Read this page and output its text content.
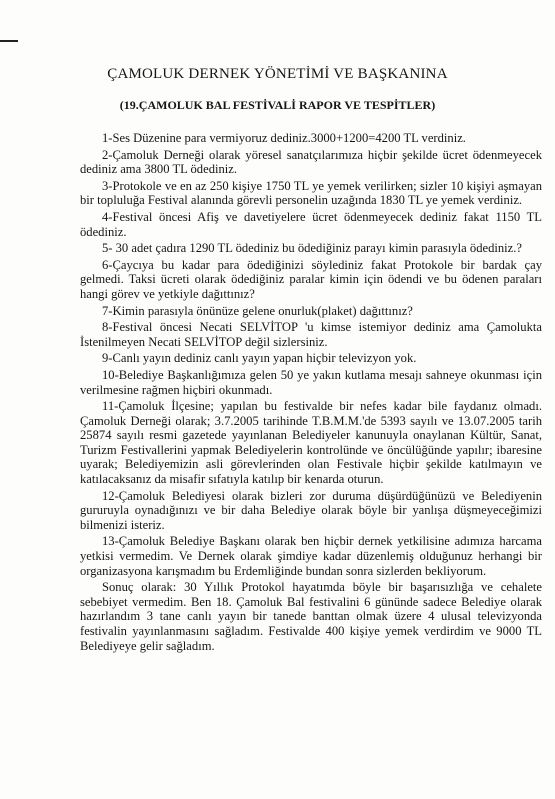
ÇAMOLUK DERNEK YÖNETİMİ VE BAŞKANINA
(19.ÇAMOLUK BAL FESTİVALİ RAPOR VE TESPİTLER)

1-Ses Düzenine para vermiyoruz dediniz.3000+1200=4200 TL verdiniz.

2-Çamoluk Derneği olarak yöresel sanatçılarımıza hiçbir şekilde ücret ödenmeyecek dediniz ama 3800 TL ödediniz.

3-Protokole ve en az 250 kişiye 1750 TL ye yemek verilirken; sizler 10 kişiyi aşmayan bir topluluğa Festival alanında görevli personelin uzağında 1830 TL ye yemek verdiniz.

4-Festival öncesi Afiş ve davetiyelere ücret ödenmeyecek dediniz fakat 1150 TL ödediniz.

5- 30 adet çadıra 1290 TL ödediniz bu ödediğiniz parayı kimin parasıyla ödediniz.?

6-Çaycıya bu kadar para ödediğinizi söylediniz fakat Protokole bir bardak çay gelmedi. Taksi ücreti olarak ödediğiniz paralar kimin için ödendi ve bu ödenen paraları hangi görev ve yetkiyle dağıttınız?

7-Kimin parasıyla önünüze gelene onurluk(plaket) dağıttınız?

8-Festival öncesi Necati SELVİTOP 'u kimse istemiyor dediniz ama Çamolukta İstenilmeyen Necati SELVİTOP değil sizlersiniz.

9-Canlı yayın dediniz canlı yayın yapan hiçbir televizyon yok.

10-Belediye Başkanlığımıza gelen 50 ye yakın kutlama mesajı sahneye okunması için verilmesine rağmen hiçbiri okunmadı.

11-Çamoluk İlçesine; yapılan bu festivalde bir nefes kadar bile faydanız olmadı. Çamoluk Derneği olarak; 3.7.2005 tarihinde T.B.M.M.'de 5393 sayılı ve 13.07.2005 tarih 25874 sayılı resmi gazetede yayınlanan Belediyeler kanunuyla onaylanan Kültür, Sanat, Turizm Festivallerini yapmak Belediyelerin kontrolünde ve öncülüğünde yapılır; ibaresine uyarak; Belediyemizin asli görevlerinden olan Festivale hiçbir şekilde katılmayın ve katılacaksanız da misafir sıfatıyla katılıp bir kenarda oturun.

12-Çamoluk Belediyesi olarak bizleri zor duruma düşürdüğünüzü ve Belediyenin gururuyla oynadığınızı ve bir daha Belediye olarak böyle bir yanlışa düşmeyeceğimizi bilmenizi isteriz.

13-Çamoluk Belediye Başkanı olarak ben hiçbir dernek yetkilisine adımıza harcama yetkisi vermedim. Ve Dernek olarak şimdiye kadar düzenlemiş olduğunuz herhangi bir organizasyona karışmadım bu Erdemliğinde bundan sonra sizlerden bekliyorum.

Sonuç olarak: 30 Yıllık Protokol hayatımda böyle bir başarısızlığa ve cehalete sebebiyet vermedim. Ben 18. Çamoluk Bal festivalini 6 gününde sadece Belediye olarak hazırlandım 3 tane canlı yayın bir tanede banttan olmak üzere 4 ulusal televizyonda festivalin yayınlanmasını sağladım. Festivalde 400 kişiye yemek verdirdim ve 9000 TL Belediyeye gelir sağladım.
